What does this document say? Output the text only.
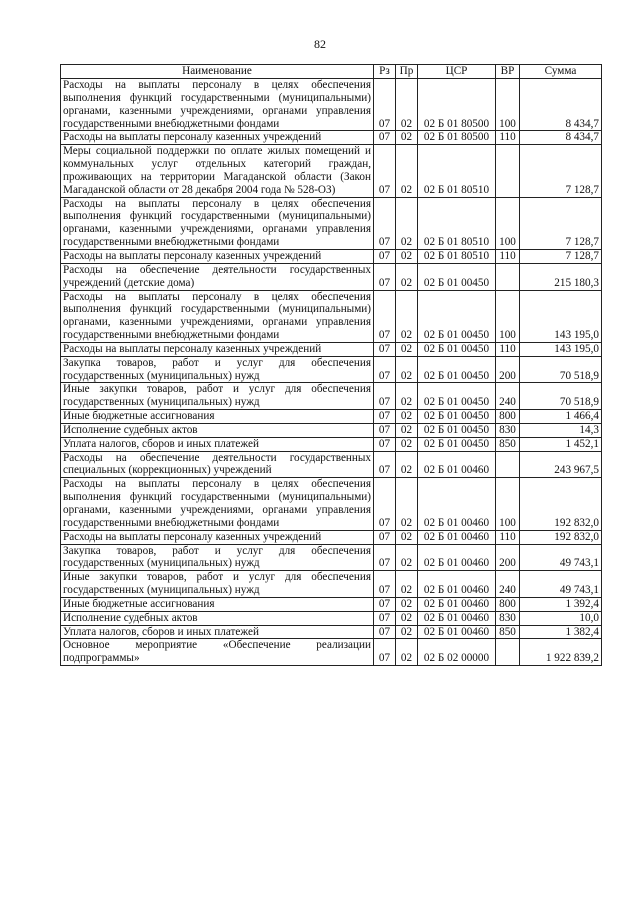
82
Наименование	Рз	Пр	ЦСР	ВР	Сумма
Расходы на выплаты персоналу в целях обеспечения выполнения функций государственными (муниципальными) органами, казенными учреждениями, органами управления государственными внебюджетными фондами	07	02	02 Б 01 80500	100	8 434,7
Расходы на выплаты персоналу казенных учреждений	07	02	02 Б 01 80500	110	8 434,7
Меры социальной поддержки по оплате жилых помещений и коммунальных услуг отдельных категорий граждан, проживающих на территории Магаданской области (Закон Магаданской области от 28 декабря 2004 года № 528-ОЗ)	07	02	02 Б 01 80510		7 128,7
Расходы на выплаты персоналу в целях обеспечения выполнения функций государственными (муниципальными) органами, казенными учреждениями, органами управления государственными внебюджетными фондами	07	02	02 Б 01 80510	100	7 128,7
Расходы на выплаты персоналу казенных учреждений	07	02	02 Б 01 80510	110	7 128,7
Расходы на обеспечение деятельности государственных учреждений (детские дома)	07	02	02 Б 01 00450		215 180,3
Расходы на выплаты персоналу в целях обеспечения выполнения функций государственными (муниципальными) органами, казенными учреждениями, органами управления государственными внебюджетными фондами	07	02	02 Б 01 00450	100	143 195,0
Расходы на выплаты персоналу казенных учреждений	07	02	02 Б 01 00450	110	143 195,0
Закупка товаров, работ и услуг для обеспечения государственных (муниципальных) нужд	07	02	02 Б 01 00450	200	70 518,9
Иные закупки товаров, работ и услуг для обеспечения государственных (муниципальных) нужд	07	02	02 Б 01 00450	240	70 518,9
Иные бюджетные ассигнования	07	02	02 Б 01 00450	800	1 466,4
Исполнение судебных актов	07	02	02 Б 01 00450	830	14,3
Уплата налогов, сборов и иных платежей	07	02	02 Б 01 00450	850	1 452,1
Расходы на обеспечение деятельности государственных специальных (коррекционных) учреждений	07	02	02 Б 01 00460		243 967,5
Расходы на выплаты персоналу в целях обеспечения выполнения функций государственными (муниципальными) органами, казенными учреждениями, органами управления государственными внебюджетными фондами	07	02	02 Б 01 00460	100	192 832,0
Расходы на выплаты персоналу казенных учреждений	07	02	02 Б 01 00460	110	192 832,0
Закупка товаров, работ и услуг для обеспечения государственных (муниципальных) нужд	07	02	02 Б 01 00460	200	49 743,1
Иные закупки товаров, работ и услуг для обеспечения государственных (муниципальных) нужд	07	02	02 Б 01 00460	240	49 743,1
Иные бюджетные ассигнования	07	02	02 Б 01 00460	800	1 392,4
Исполнение судебных актов	07	02	02 Б 01 00460	830	10,0
Уплата налогов, сборов и иных платежей	07	02	02 Б 01 00460	850	1 382,4
Основное мероприятие «Обеспечение реализации подпрограммы»	07	02	02 Б 02 00000		1 922 839,2
